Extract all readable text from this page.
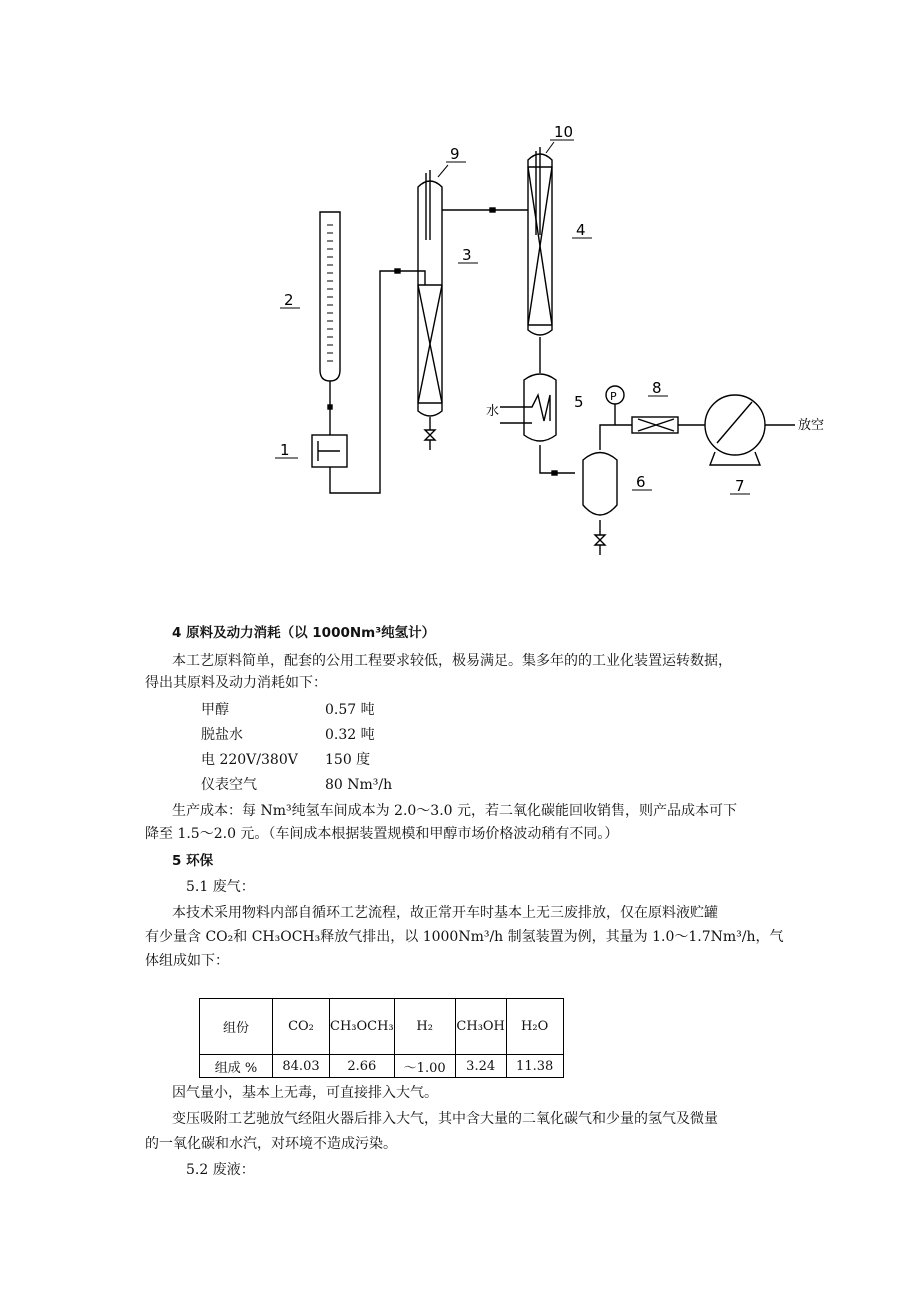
1
2
3
4
5
6	7
8
9
10
水
P
放空
4 原料及动力消耗（以 1000Nm³纯氢计）
本工艺原料简单，配套的公用工程要求较低，极易满足。集多年的的工业化装置运转数据，
得出其原料及动力消耗如下：
甲醇	0.57 吨
脱盐水	0.32 吨
电 220V/380V 150 度
仪表空气	80 Nm³/h
生产成本：每 Nm³纯氢车间成本为 2.0～3.0 元，若二氧化碳能回收销售，则产品成本可下
降至 1.5～2.0 元。（车间成本根据装置规模和甲醇市场价格波动稍有不同。）
5 环保
5.1 废气：
本技术采用物料内部自循环工艺流程，故正常开车时基本上无三废排放，仅在原料液贮罐
有少量含 CO₂和 CH₃OCH₃释放气排出，以 1000Nm³/h 制氢装置为例，其量为 1.0～1.7Nm³/h，气
体组成如下：
组份	CO₂	CH₃OCH₃	H₂	CH₃OH	H₂O
组成 %	84.03	2.66	～1.00	3.24	11.38
因气量小，基本上无毒，可直接排入大气。
变压吸附工艺驰放气经阻火器后排入大气，其中含大量的二氧化碳气和少量的氢气及微量
的一氧化碳和水汽，对环境不造成污染。
5.2 废液：
